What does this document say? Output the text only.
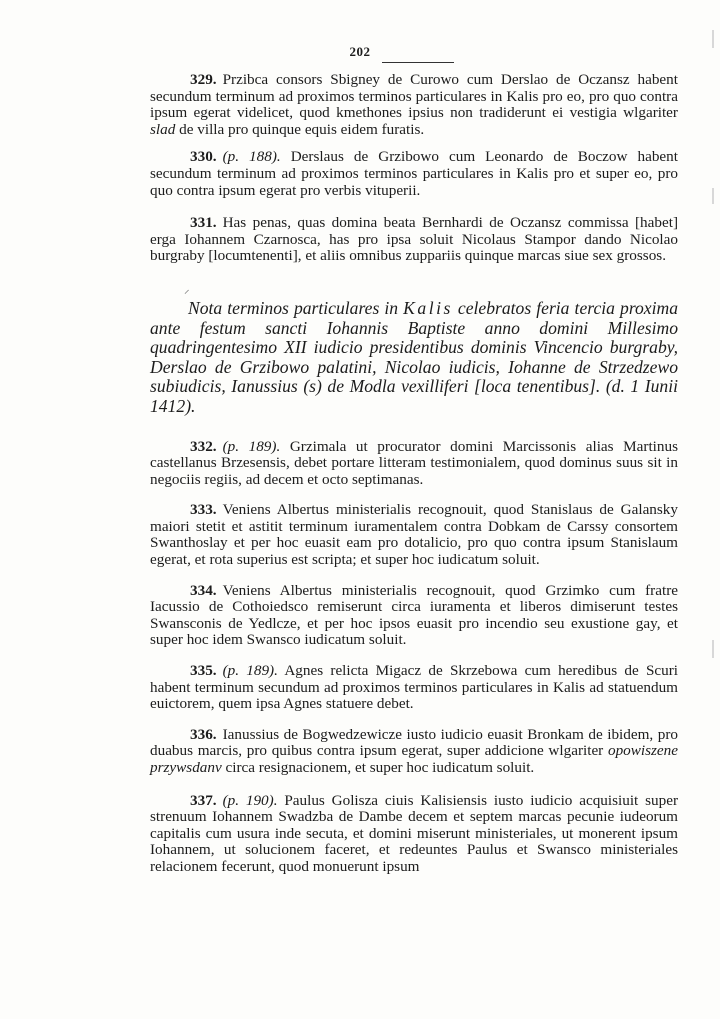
202
⸝

329. Przibca consors Sbigney de Curowo cum Derslao de Oczansz habent secundum terminum ad proximos terminos particulares in Kalis pro eo, pro quo contra ipsum egerat videlicet, quod kmethones ipsius non tradiderunt ei vestigia wlgariter slad de villa pro quinque equis eidem furatis.

330. (p. 188). Derslaus de Grzibowo cum Leonardo de Boczow habent secundum terminum ad proximos terminos particulares in Kalis pro et super eo, pro quo contra ipsum egerat pro verbis vituperii.

331. Has penas, quas domina beata Bernhardi de Oczansz commissa [habet] erga Iohannem Czarnosca, has pro ipsa soluit Nicolaus Stampor dando Nicolao burgraby [locumtenenti], et aliis omnibus zuppariis quinque marcas siue sex grossos.

Nota terminos particulares in Kalis celebratos feria tercia proxima ante festum sancti Iohannis Baptiste anno domini Millesimo quadringentesimo XII iudicio presidentibus dominis Vincencio burgraby, Derslao de Grzibowo palatini, Nicolao iudicis, Iohanne de Strzedzewo subiudicis, Ianussius (s) de Modla vexilliferi [loca tenentibus]. (d. 1 Iunii 1412).

332. (p. 189). Grzimala ut procurator domini Marcissonis alias Martinus castellanus Brzesensis, debet portare litteram testimonialem, quod dominus suus sit in negociis regiis, ad decem et octo septimanas.

333. Veniens Albertus ministerialis recognouit, quod Stanislaus de Galansky maiori stetit et astitit terminum iuramentalem contra Dobkam de Carssy consortem Swanthoslay et per hoc euasit eam pro dotalicio, pro quo contra ipsum Stanislaum egerat, et rota superius est scripta; et super hoc iudicatum soluit.

334. Veniens Albertus ministerialis recognouit, quod Grzimko cum fratre Iacussio de Cothoiedsco remiserunt circa iuramenta et liberos dimiserunt testes Swansconis de Yedlcze, et per hoc ipsos euasit pro incendio seu exustione gay, et super hoc idem Swansco iudicatum soluit.

335. (p. 189). Agnes relicta Migacz de Skrzebowa cum heredibus de Scuri habent terminum secundum ad proximos terminos particulares in Kalis ad statuendum euictorem, quem ipsa Agnes statuere debet.

336. Ianussius de Bogwedzewicze iusto iudicio euasit Bronkam de ibidem, pro duabus marcis, pro quibus contra ipsum egerat, super addicione wlgariter opowiszene przywsdanv circa resignacionem, et super hoc iudicatum soluit.

337. (p. 190). Paulus Golisza ciuis Kalisiensis iusto iudicio acquisiuit super strenuum Iohannem Swadzba de Dambe decem et septem marcas pecunie iudeorum capitalis cum usura inde secuta, et domini miserunt ministeriales, ut monerent ipsum Iohannem, ut solucionem faceret, et redeuntes Paulus et Swansco ministeriales relacionem fecerunt, quod monuerunt ipsum
